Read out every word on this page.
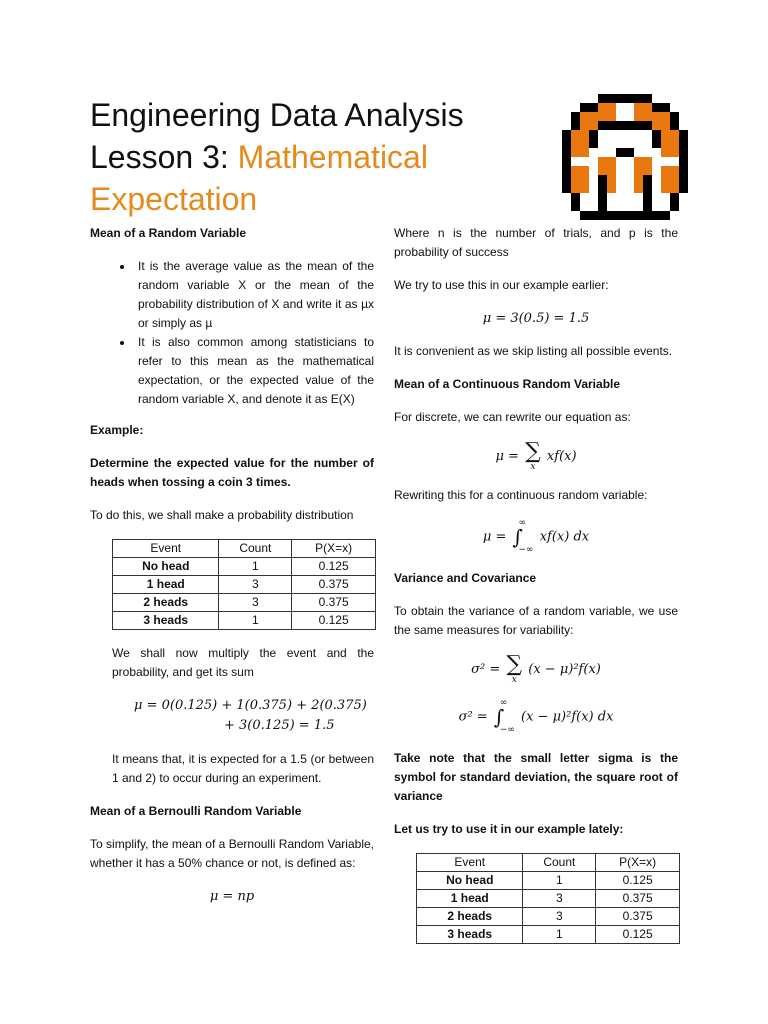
Engineering Data Analysis
Lesson 3: Mathematical
Expectation
Mean of a Random Variable
• It is the average value as the mean of the random variable X or the mean of the probability distribution of X and write it as µx or simply as µ
• It is also common among statisticians to refer to this mean as the mathematical expectation, or the expected value of the random variable X, and denote it as E(X)

Example:

Determine the expected value for the number of heads when tossing a coin 3 times.

To do this, we shall make a probability distribution

Event	Count	P(X=x)
No head	1	0.125
1 head	3	0.375
2 heads	3	0.375
3 heads	1	0.125

We shall now multiply the event and the probability, and get its sum

μ = 0(0.125) + 1(0.375) + 2(0.375)
+ 3(0.125) = 1.5

It means that, it is expected for a 1.5 (or between 1 and 2) to occur during an experiment.

Mean of a Bernoulli Random Variable

To simplify, the mean of a Bernoulli Random Variable, whether it has a 50% chance or not, is defined as:

μ = np

Where n is the number of trials, and p is the probability of success

We try to use this in our example earlier:

μ = 3(0.5) = 1.5

It is convenient as we skip listing all possible events.

Mean of a Continuous Random Variable

For discrete, we can rewrite our equation as:

μ = ∑
x
xf(x)

Rewriting this for a continuous random variable:

μ =
∞
∫
−∞
xf(x) dx
Variance and Covariance

To obtain the variance of a random variable, we use the same measures for variability:

σ² = ∑
x
(x − μ)²f(x)
σ² =
∞
∫
−∞
(x − μ)²f(x) dx

Take note that the small letter sigma is the symbol for standard deviation, the square root of variance

Let us try to use it in our example lately:

Event	Count	P(X=x)
No head	1	0.125
1 head	3	0.375
2 heads	3	0.375
3 heads	1	0.125
